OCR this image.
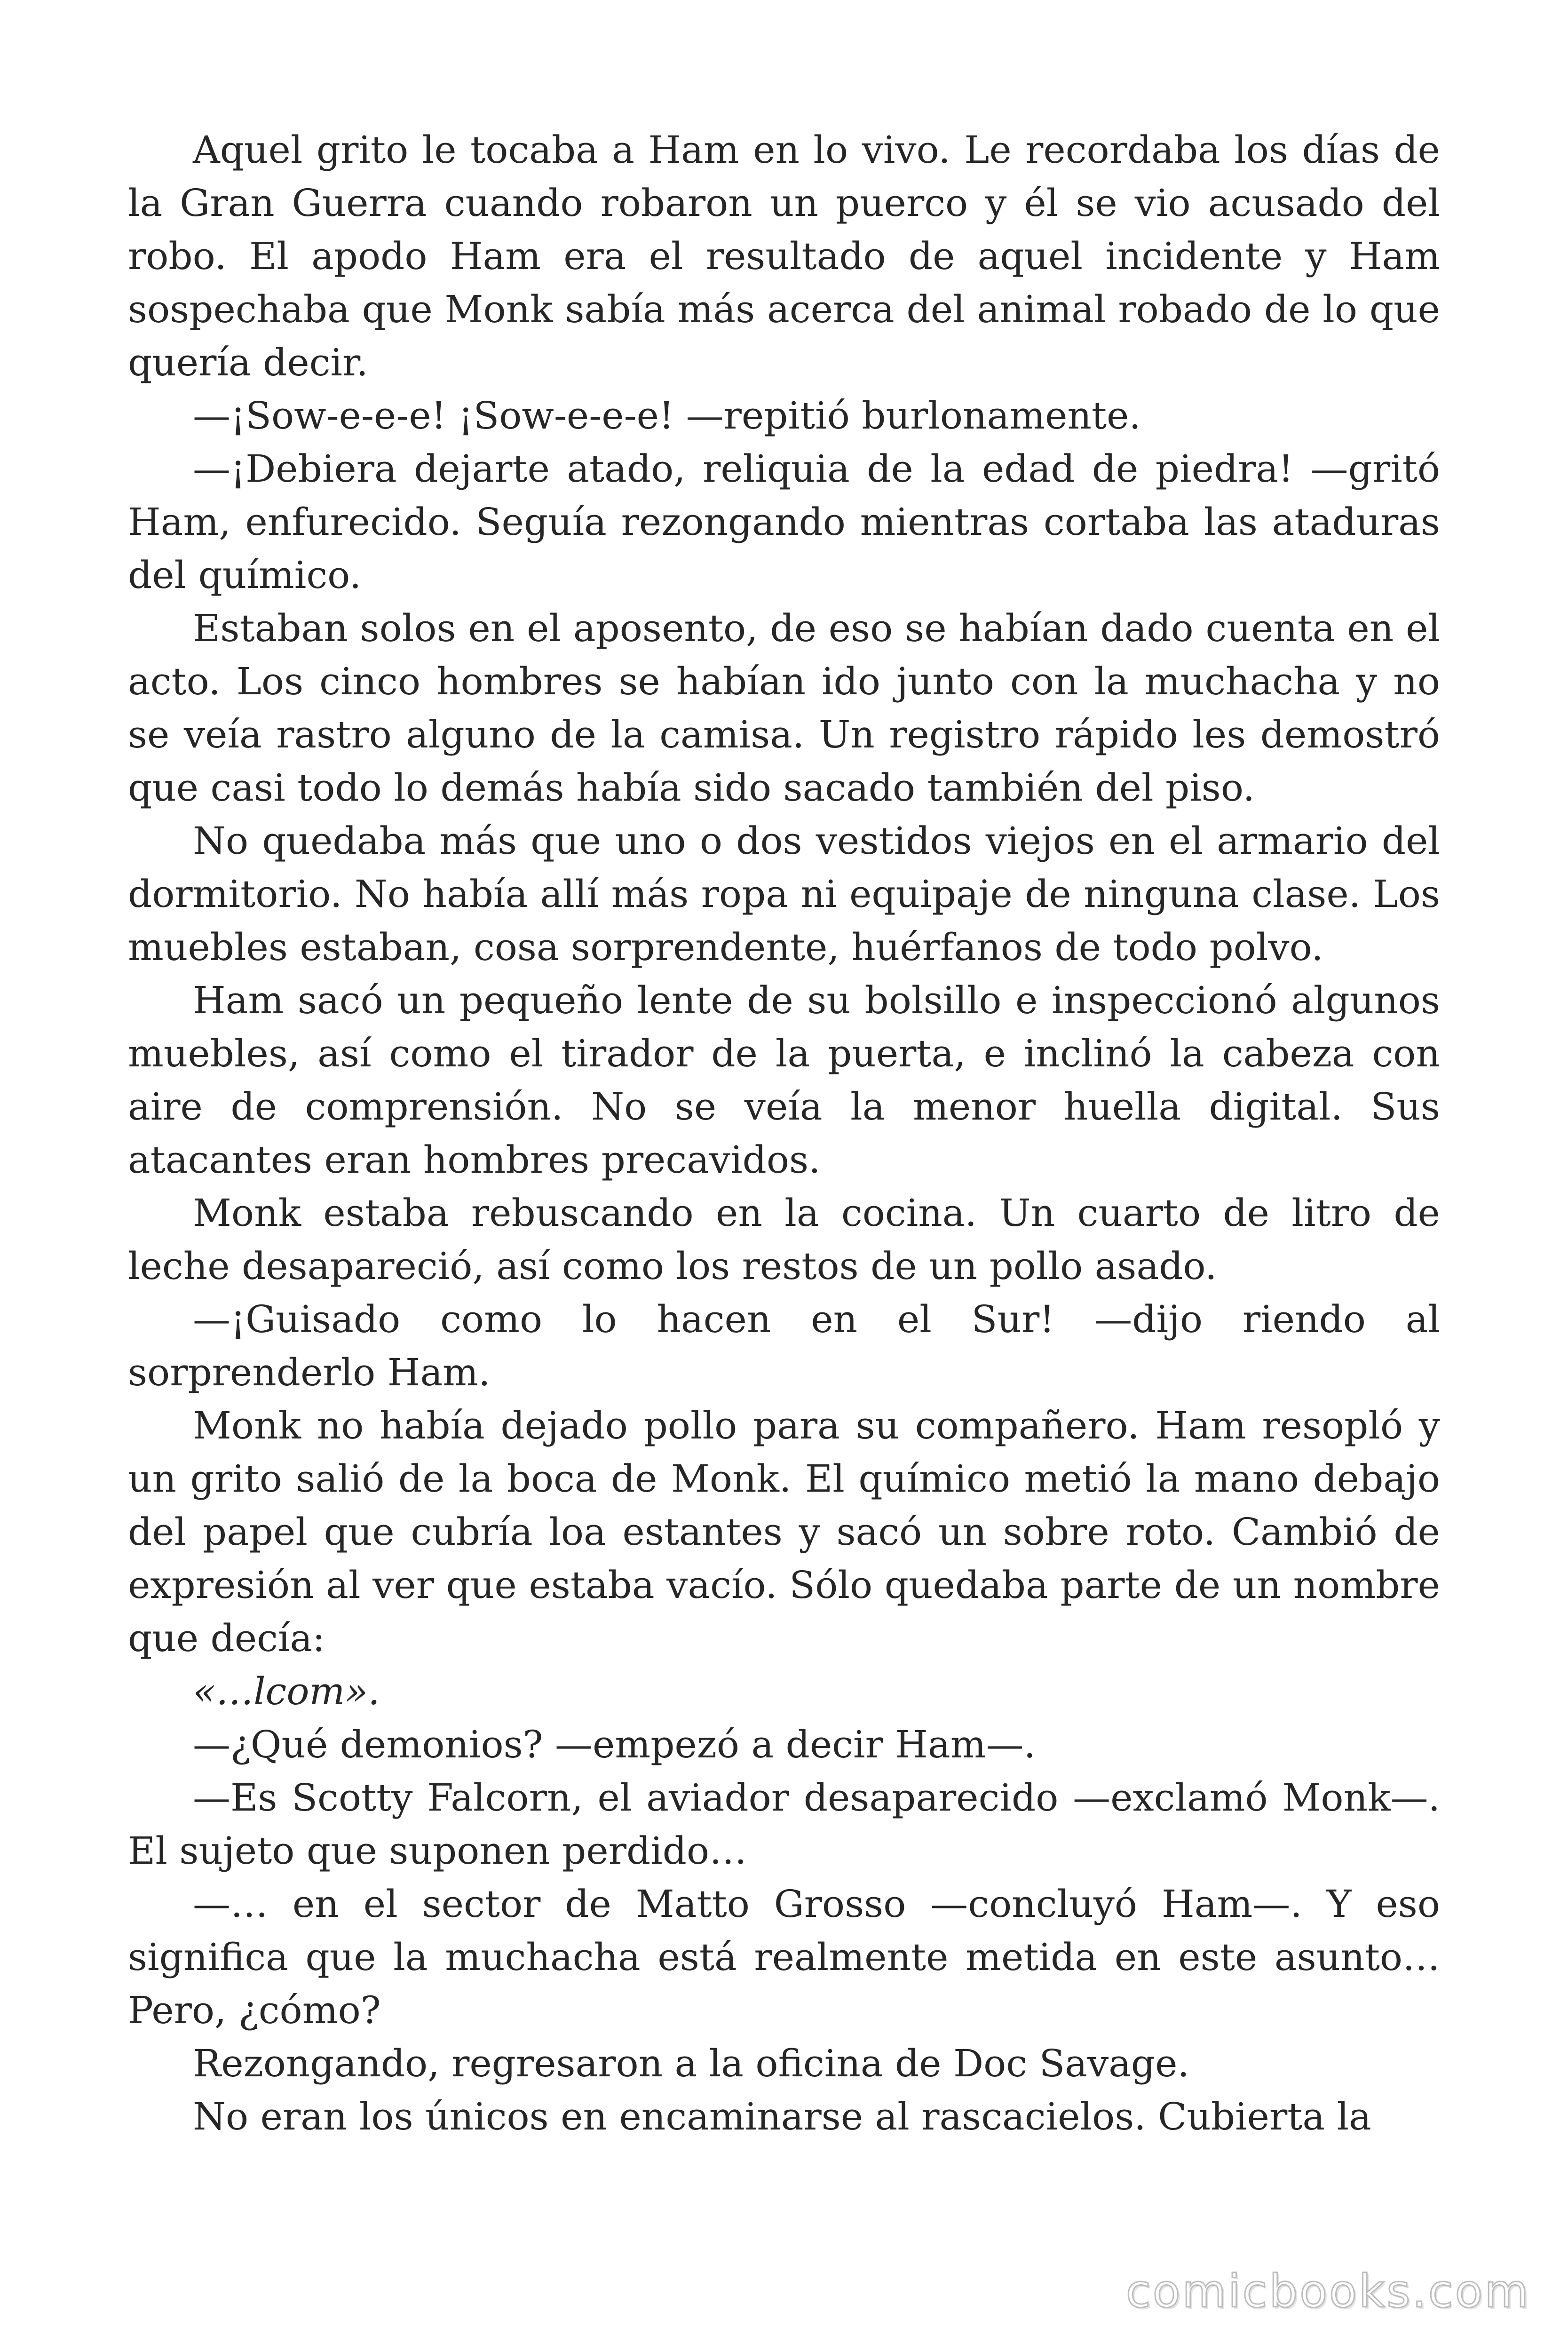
Aquel grito le tocaba a Ham en lo vivo. Le recordaba los días de la Gran Guerra cuando robaron un puerco y él se vio acusado del robo. El apodo Ham era el resultado de aquel incidente y Ham sospechaba que Monk sabía más acerca del animal robado de lo que quería decir.

—¡Sow-e-e-e! ¡Sow-e-e-e! —repitió burlonamente.

—¡Debiera dejarte atado, reliquia de la edad de piedra! —gritó Ham, enfurecido. Seguía rezongando mientras cortaba las ataduras del químico.

Estaban solos en el aposento, de eso se habían dado cuenta en el acto. Los cinco hombres se habían ido junto con la muchacha y no se veía rastro alguno de la camisa. Un registro rápido les demostró que casi todo lo demás había sido sacado también del piso.

No quedaba más que uno o dos vestidos viejos en el armario del dormitorio. No había allí más ropa ni equipaje de ninguna clase. Los muebles estaban, cosa sorprendente, huérfanos de todo polvo.

Ham sacó un pequeño lente de su bolsillo e inspeccionó algunos muebles, así como el tirador de la puerta, e inclinó la cabeza con aire de comprensión. No se veía la menor huella digital. Sus atacantes eran hombres precavidos.

Monk estaba rebuscando en la cocina. Un cuarto de litro de leche desapareció, así como los restos de un pollo asado.

—¡Guisado como lo hacen en el Sur! —dijo riendo al sorprenderlo Ham.

Monk no había dejado pollo para su compañero. Ham resopló y un grito salió de la boca de Monk. El químico metió la mano debajo del papel que cubría loa estantes y sacó un sobre roto. Cambió de expresión al ver que estaba vacío. Sólo quedaba parte de un nombre que decía:

«…lcom».

—¿Qué demonios? —empezó a decir Ham—.

—Es Scotty Falcorn, el aviador desaparecido —exclamó Monk—. El sujeto que suponen perdido…

—… en el sector de Matto Grosso —concluyó Ham—. Y eso significa que la muchacha está realmente metida en este asunto… Pero, ¿cómo?

Rezongando, regresaron a la oficina de Doc Savage.

No eran los únicos en encaminarse al rascacielos. Cubierta la

comicbooks.com
